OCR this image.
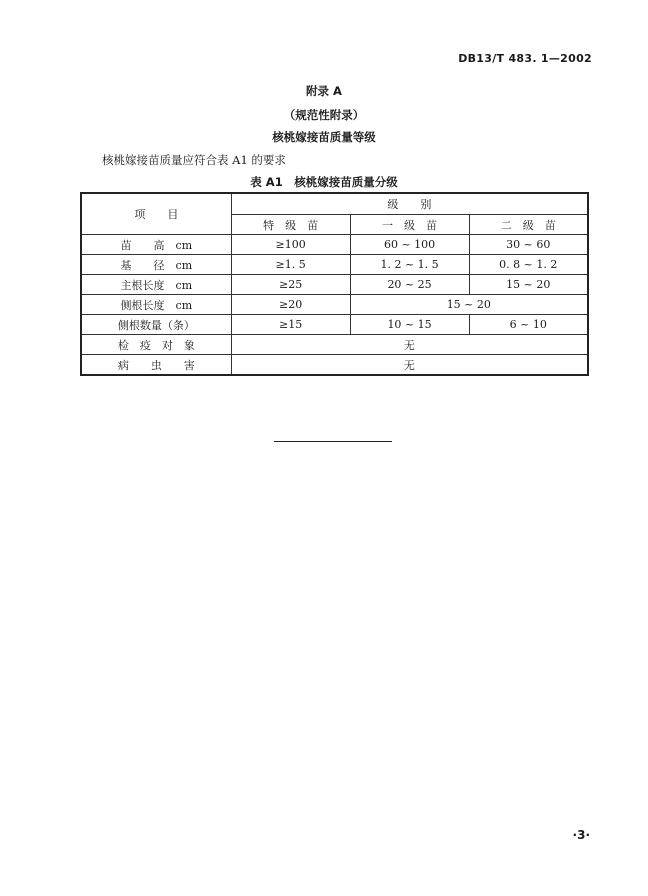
DB13/T 483. 1—2002
附录 A
（规范性附录）
核桃嫁接苗质量等级
核桃嫁接苗质量应符合表 A1 的要求
表 A1　核桃嫁接苗质量分级
项　　目	级　　别		
	特　级　苗	一　级　苗	二　级　苗
苗　　高　cm	≥100	60 ~ 100	30 ~ 60
基　　径　cm	≥1. 5	1. 2 ~ 1. 5	0. 8 ~ 1. 2
主根长度　cm	≥25	20 ~ 25	15 ~ 20
侧根长度　cm	≥20	15 ~ 20	
侧根数量（条）	≥15	10 ~ 15	6 ~ 10
检　疫　对　象	无		
病　　虫　　害	无		
·3·
